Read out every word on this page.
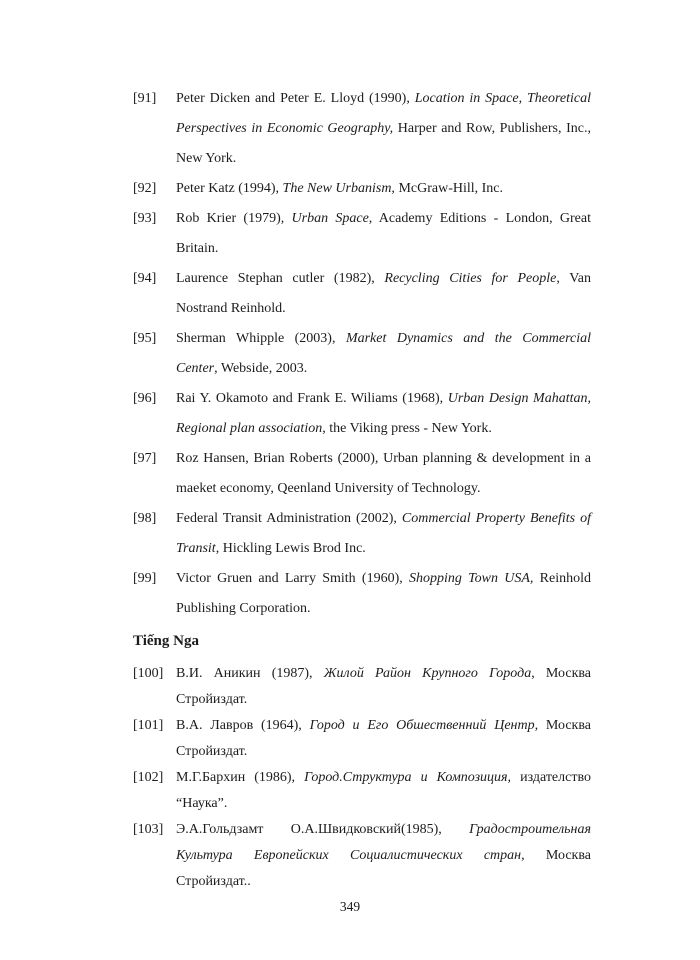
[91] Peter Dicken and Peter E. Lloyd (1990), Location in Space, Theoretical
Perspectives in Economic Geography, Harper and Row, Publishers, Inc.,
New York.
[92] Peter Katz (1994), The New Urbanism, McGraw-Hill, Inc.
[93] Rob Krier (1979), Urban Space, Academy Editions - London, Great
Britain.
[94] Laurence Stephan cutler (1982), Recycling Cities for People, Van
Nostrand Reinhold.
[95] Sherman Whipple (2003), Market Dynamics and the Commercial
Center, Webside, 2003.
[96] Rai Y. Okamoto and Frank E. Wiliams (1968), Urban Design Mahattan,
Regional plan association, the Viking press - New York.
[97] Roz Hansen, Brian Roberts (2000), Urban planning & development in a
maeket economy, Qeenland University of Technology.
[98] Federal Transit Administration (2002), Commercial Property Benefits of
Transit, Hickling Lewis Brod Inc.
[99] Victor Gruen and Larry Smith (1960), Shopping Town USA, Reinhold
Publishing Corporation.
Tiếng Nga
[100] В.И. Аникин (1987), Жилой Район Крупного Города, Москва
Стройиздат.
[101] В.А. Лавров (1964), Город и Его Обшественний Центр, Москва
Стройиздат.
[102] М.Г.Бархин (1986), Город.Структура и Композиция, издателство
“Наука”.
[103] Э.А.Гольдзамт О.А.Швидковский(1985), Градостроительная
Культура Европейских Социалистических стран, Москва
Стройиздат..
349
